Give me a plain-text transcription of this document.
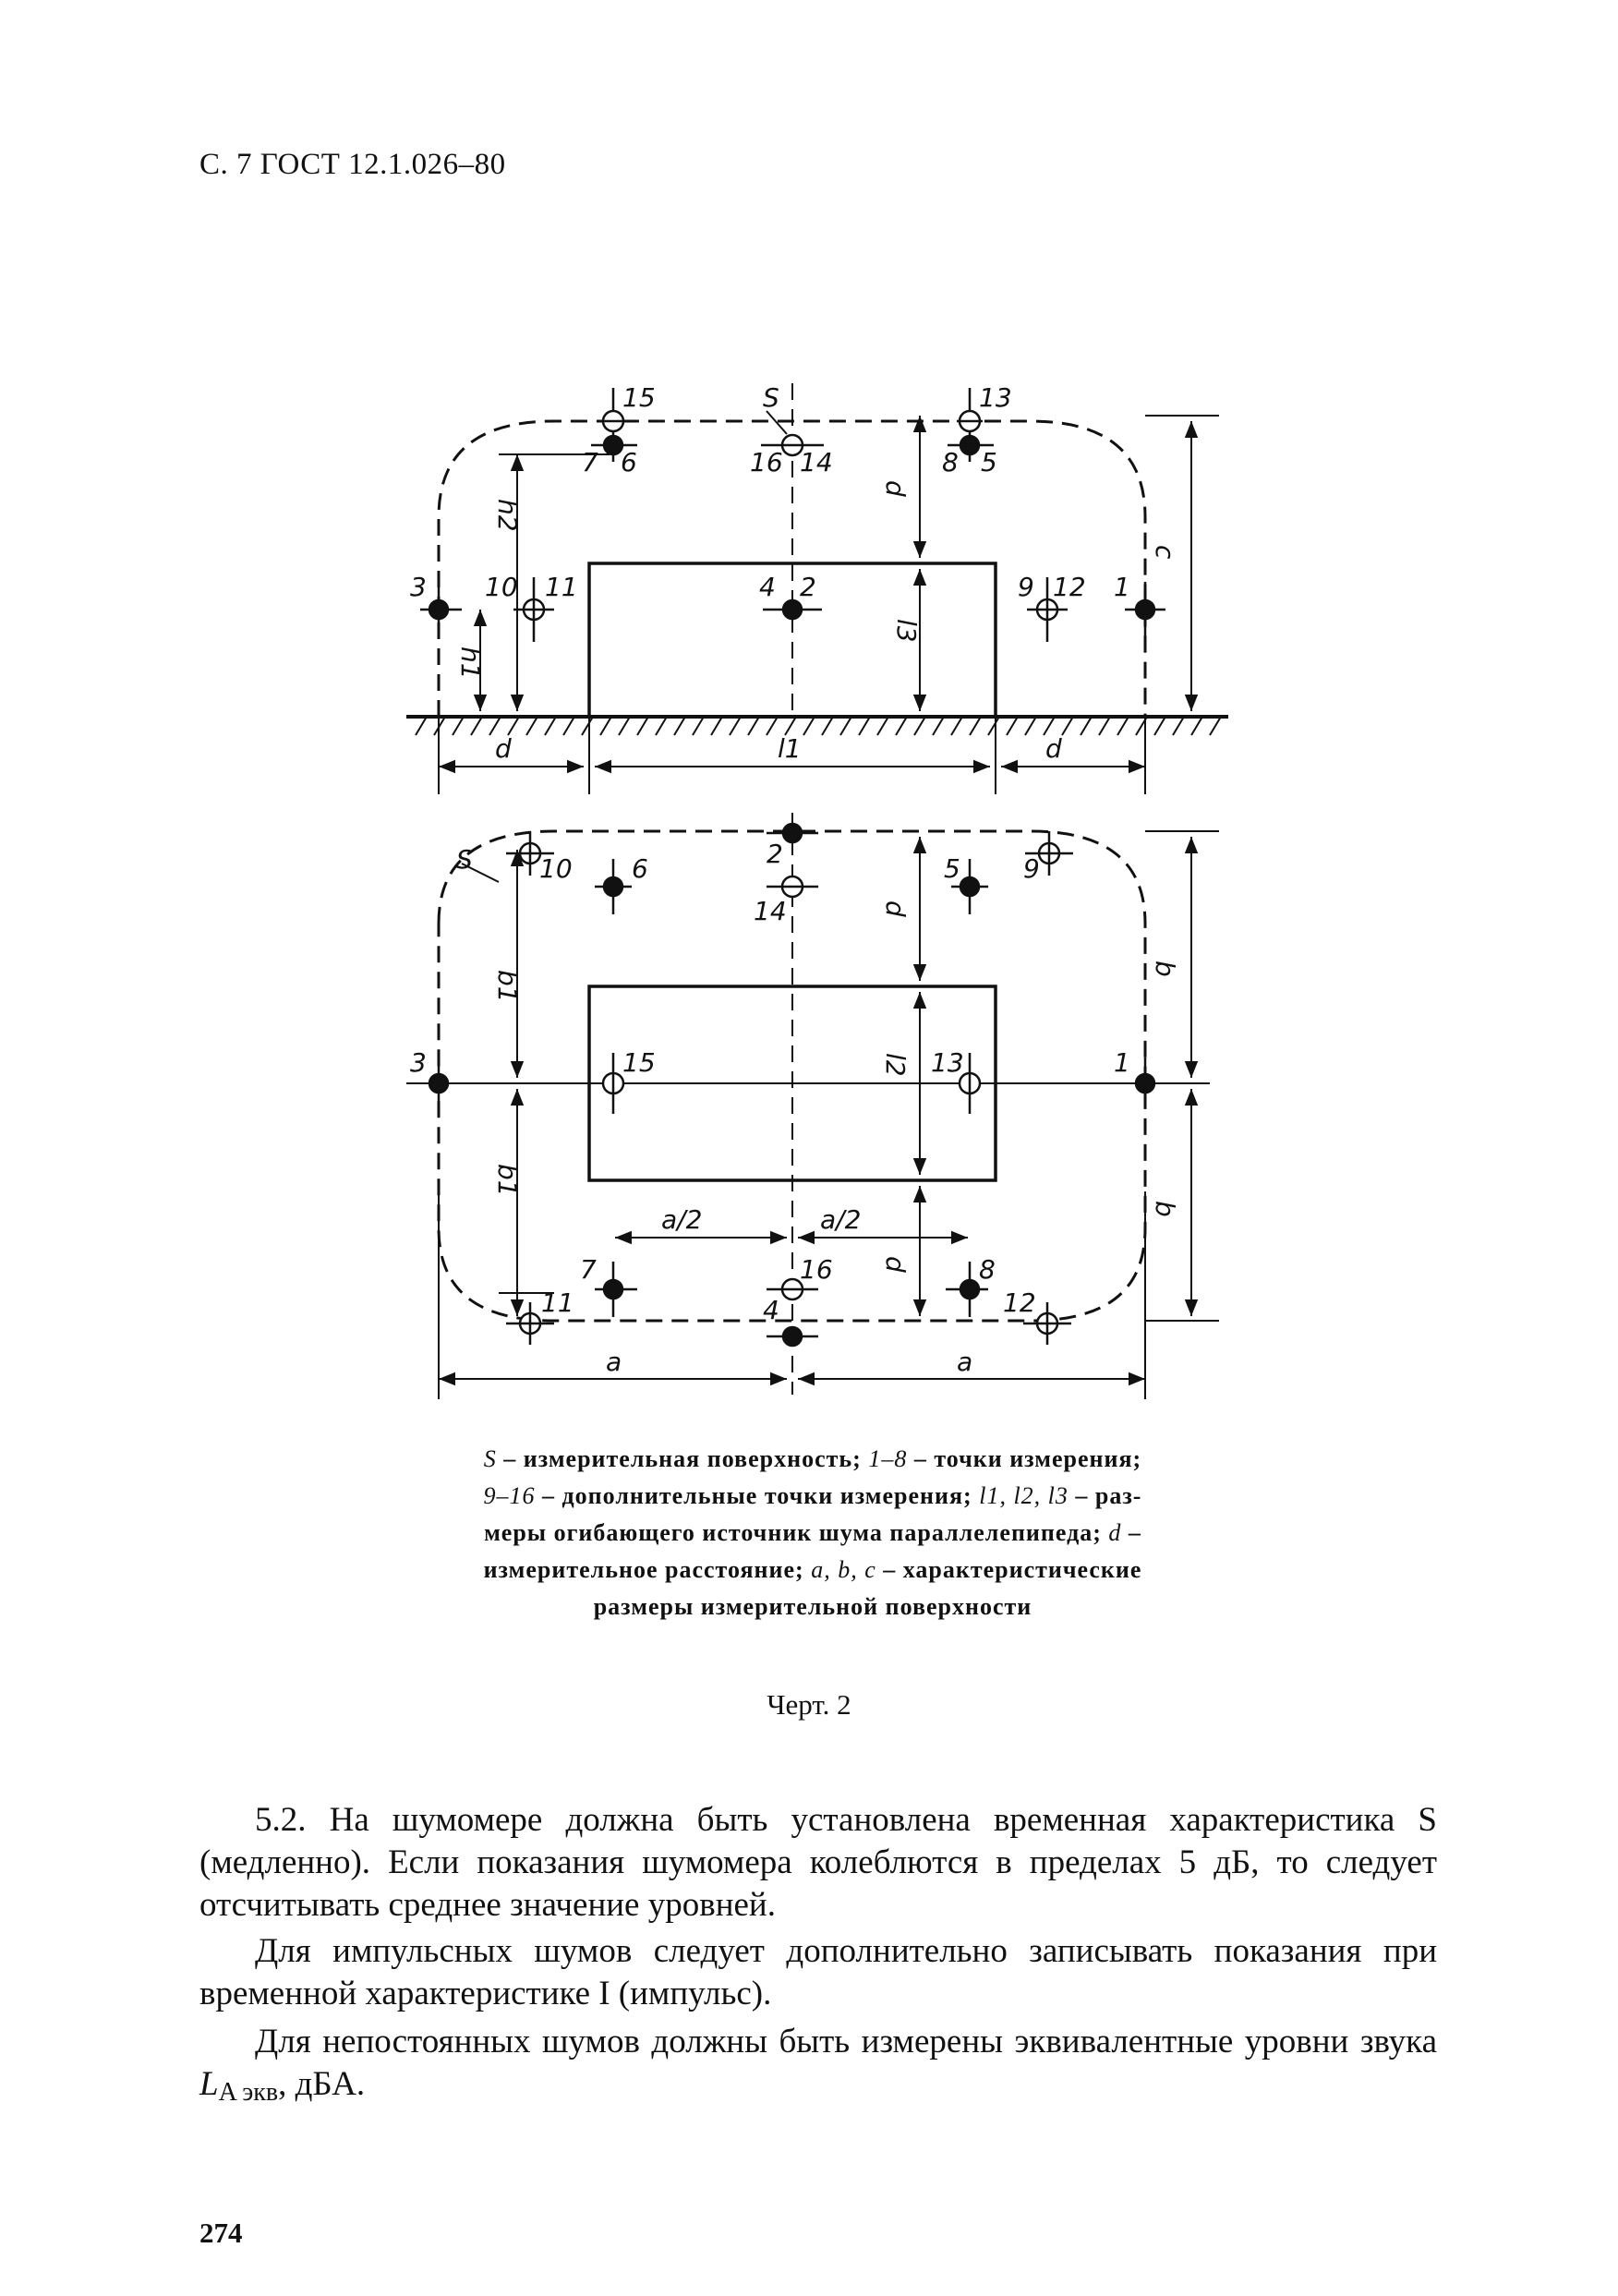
С. 7 ГОСТ 12.1.026–80
S
15	13
7 6	16 14	8 5
3 10 11	4 2	9 12 1
h2
h1
d
l3
c
d	l1	d
S	10 6	2
14
5 9
b1
d
b
3	15	l2 13	1
b1
b
a/2	a/2
7	16	8
d
11	4	12
a	a
S – измерительная поверхность; 1–8 – точки измерения;
9–16 – дополнительные точки измерения; l1, l2, l3 – раз-
меры огибающего источник шума параллелепипеда; d –
измерительное расстояние; a, b, c – характеристические
размеры измерительной поверхности
Черт. 2
5.2. На шумомере должна быть установлена временная характеристика S (медленно). Если показания шумомера колеблются в пределах 5 дБ, то следует отсчитывать среднее значение уровней.
Для импульсных шумов следует дополнительно записывать показания при временной характеристике I (импульс).
Для непостоянных шумов должны быть измерены эквивалентные уровни звука $L_{A экв}$, дБА.
274
